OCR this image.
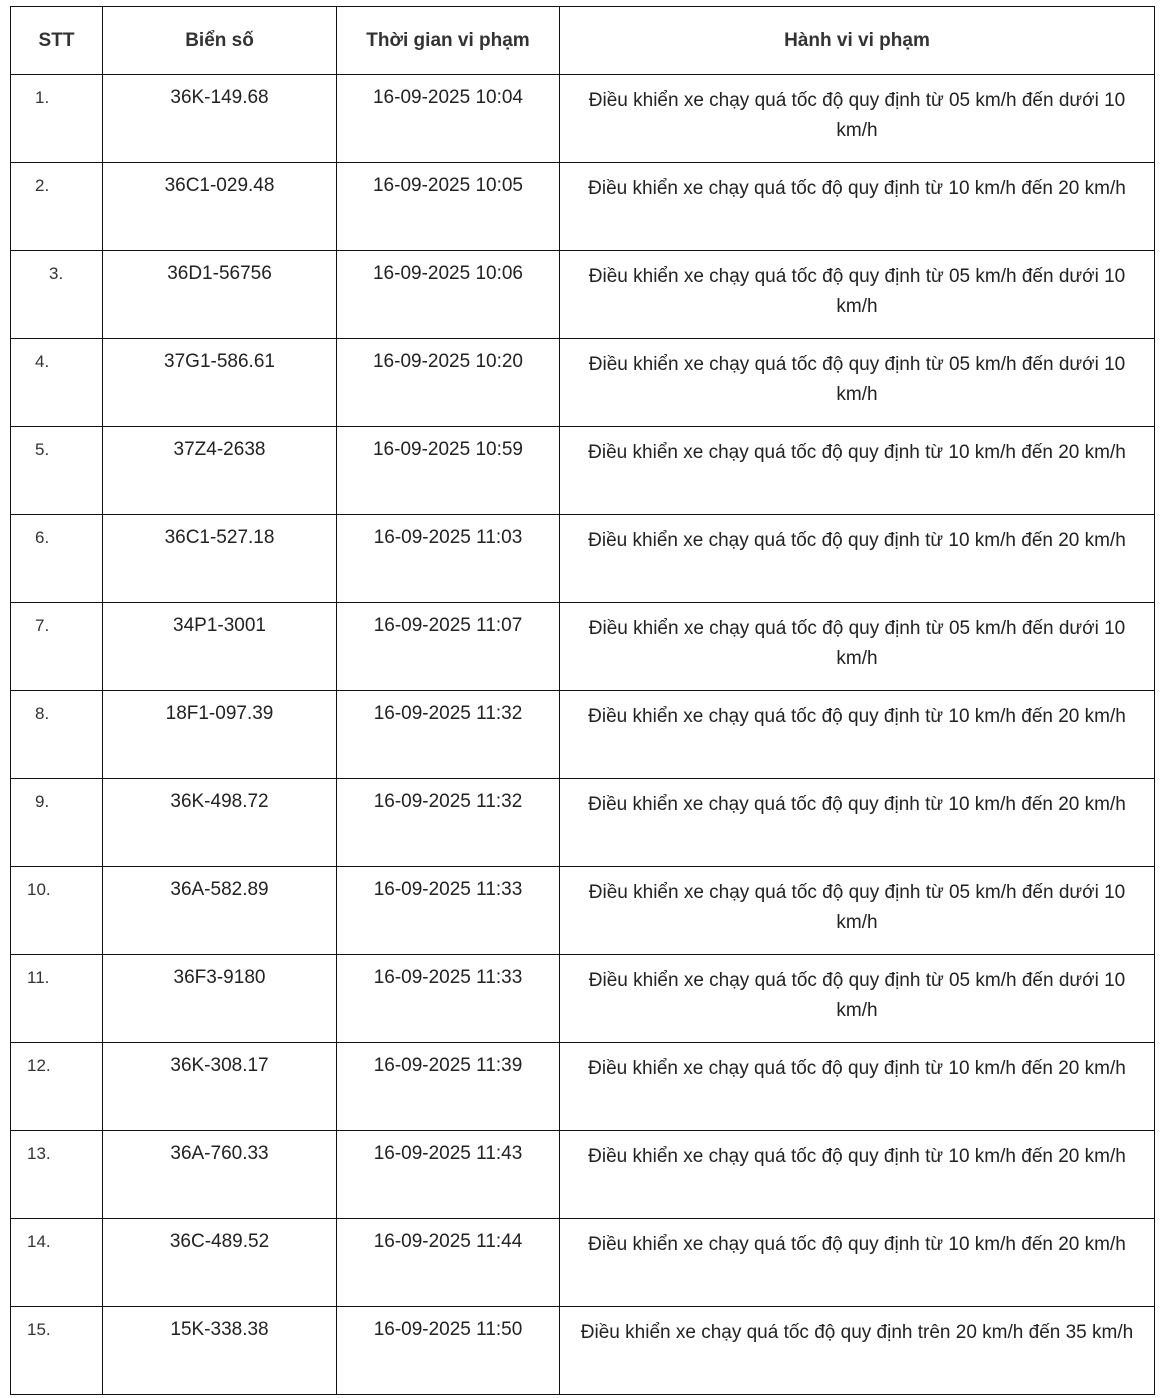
STT	Biển số	Thời gian vi phạm	Hành vi vi phạm

1.	36K-149.68	16-09-2025 10:04	Điều khiển xe chạy quá tốc độ quy định từ 05 km/h đến dưới 10 km/h

2.	36C1-029.48	16-09-2025 10:05	Điều khiển xe chạy quá tốc độ quy định từ 10 km/h đến 20 km/h

3.	36D1-56756	16-09-2025 10:06	Điều khiển xe chạy quá tốc độ quy định từ 05 km/h đến dưới 10 km/h

4.	37G1-586.61	16-09-2025 10:20	Điều khiển xe chạy quá tốc độ quy định từ 05 km/h đến dưới 10 km/h

5.	37Z4-2638	16-09-2025 10:59	Điều khiển xe chạy quá tốc độ quy định từ 10 km/h đến 20 km/h

6.	36C1-527.18	16-09-2025 11:03	Điều khiển xe chạy quá tốc độ quy định từ 10 km/h đến 20 km/h

7.	34P1-3001	16-09-2025 11:07	Điều khiển xe chạy quá tốc độ quy định từ 05 km/h đến dưới 10 km/h

8.	18F1-097.39	16-09-2025 11:32	Điều khiển xe chạy quá tốc độ quy định từ 10 km/h đến 20 km/h

9.	36K-498.72	16-09-2025 11:32	Điều khiển xe chạy quá tốc độ quy định từ 10 km/h đến 20 km/h

10.	36A-582.89	16-09-2025 11:33	Điều khiển xe chạy quá tốc độ quy định từ 05 km/h đến dưới 10 km/h

11.	36F3-9180	16-09-2025 11:33	Điều khiển xe chạy quá tốc độ quy định từ 05 km/h đến dưới 10 km/h

12.	36K-308.17	16-09-2025 11:39	Điều khiển xe chạy quá tốc độ quy định từ 10 km/h đến 20 km/h

13.	36A-760.33	16-09-2025 11:43	Điều khiển xe chạy quá tốc độ quy định từ 10 km/h đến 20 km/h

14.	36C-489.52	16-09-2025 11:44	Điều khiển xe chạy quá tốc độ quy định từ 10 km/h đến 20 km/h

15.	15K-338.38	16-09-2025 11:50	Điều khiển xe chạy quá tốc độ quy định trên 20 km/h đến 35 km/h
